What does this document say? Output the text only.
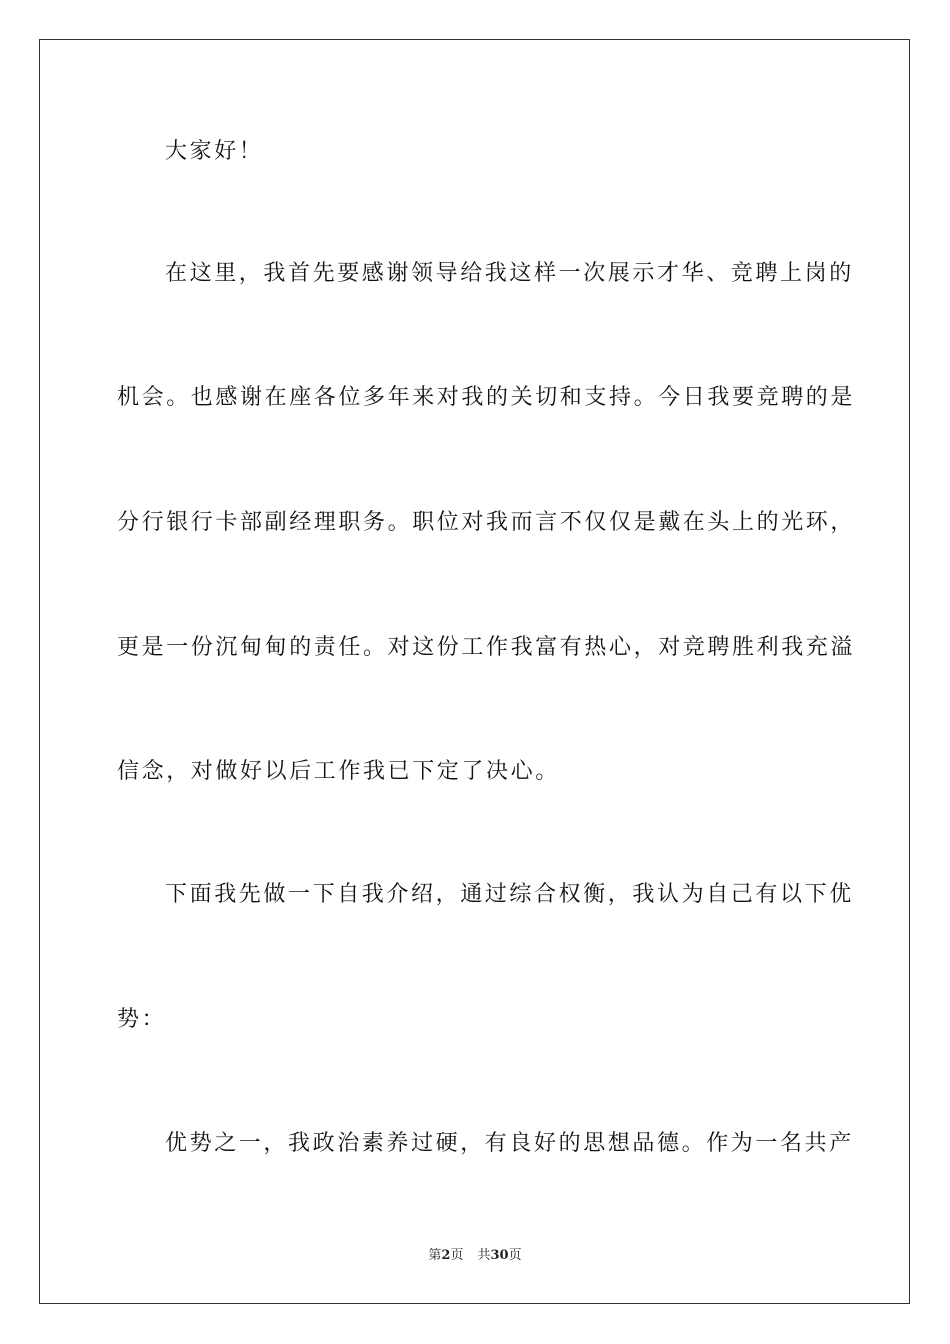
大家好！
在这里，我首先要感谢领导给我这样一次展示才华、竞聘上岗的
机会。也感谢在座各位多年来对我的关切和支持。今日我要竞聘的是
分行银行卡部副经理职务。职位对我而言不仅仅是戴在头上的光环，
更是一份沉甸甸的责任。对这份工作我富有热心，对竞聘胜利我充溢
信念，对做好以后工作我已下定了决心。
下面我先做一下自我介绍，通过综合权衡，我认为自己有以下优
势：
优势之一，我政治素养过硬，有良好的思想品德。作为一名共产
第2页 共30页
